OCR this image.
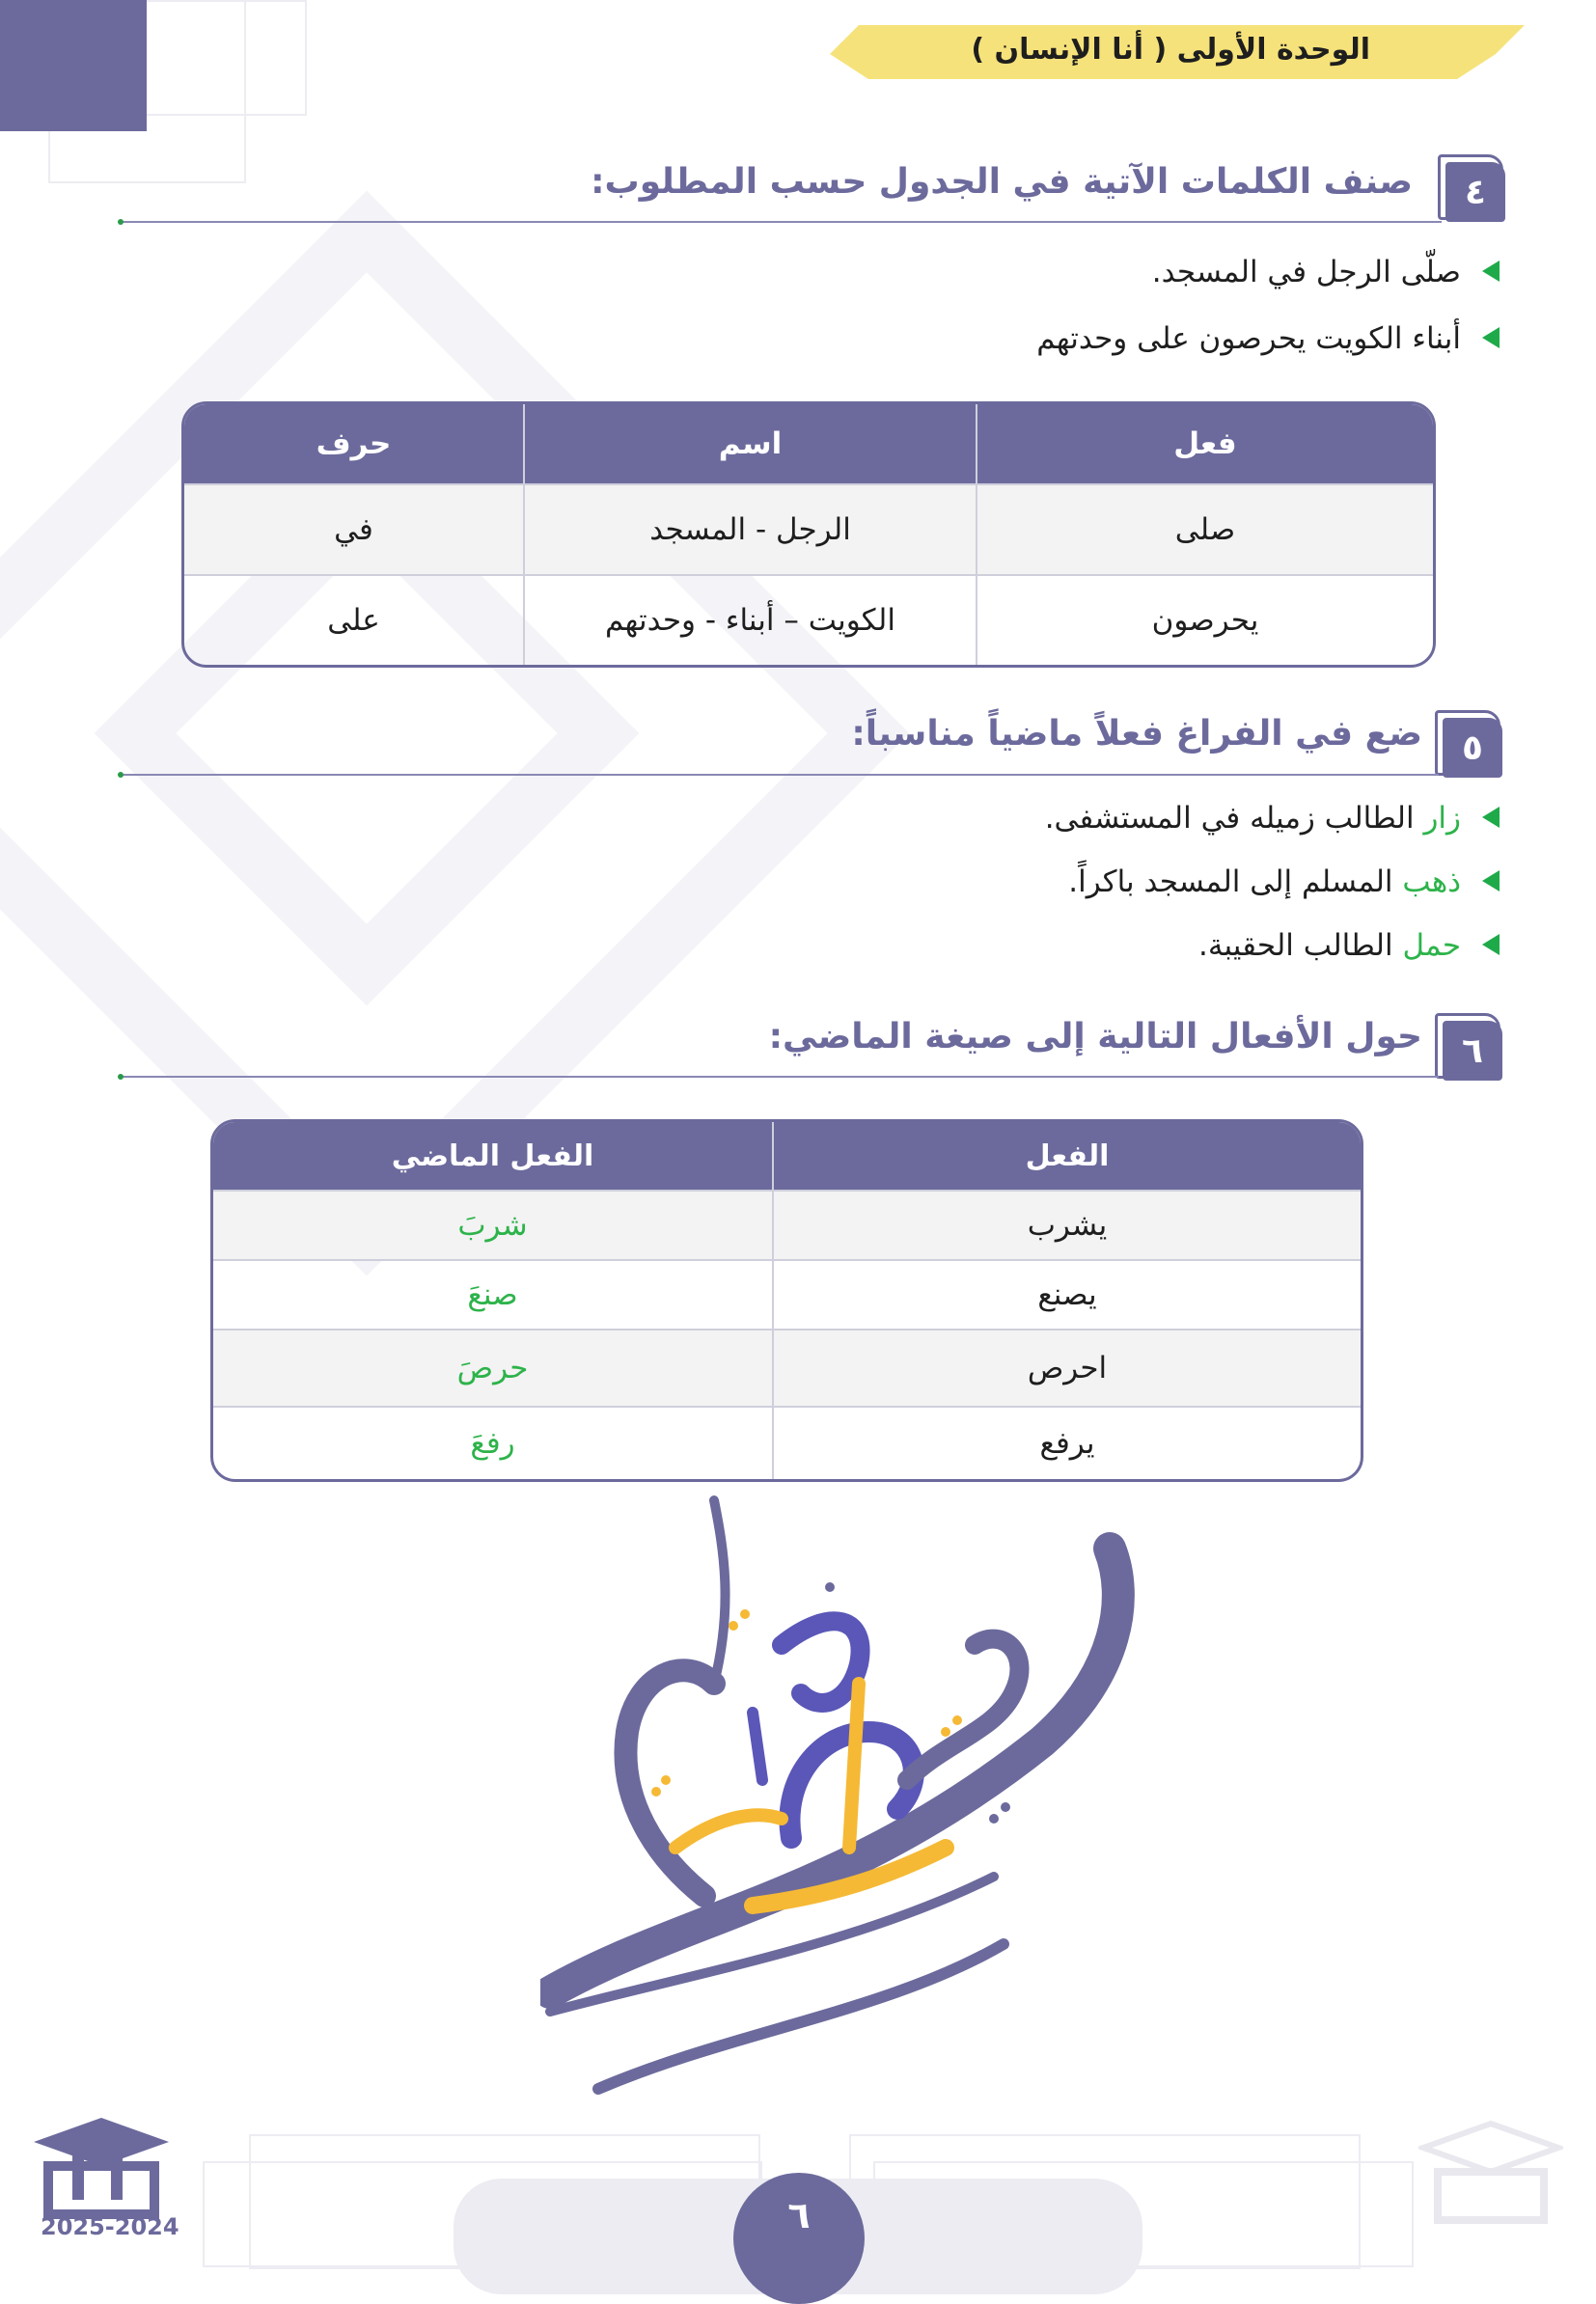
الوحدة الأولى ( أنا الإنسان )
٤
صنف الكلمات الآتية في الجدول حسب المطلوب:
صلّى الرجل في المسجد.
أبناء الكويت يحرصون على وحدتهم
فعل	اسم	حرف
صلى	الرجل - المسجد	في
يحرصون	الكويت – أبناء - وحدتهم	على
٥
ضع في الفراغ فعلاً ماضياً مناسباً:
زار الطالب زميله في المستشفى.
ذهب المسلم إلى المسجد باكراً.
حمل الطالب الحقيبة.
٦
حول الأفعال التالية إلى صيغة الماضي:
الفعل	الفعل الماضي
يشرب	شربَ
يصنع	صنعَ
احرص	حرصَ
يرفع	رفعَ
٦
2025-2024
